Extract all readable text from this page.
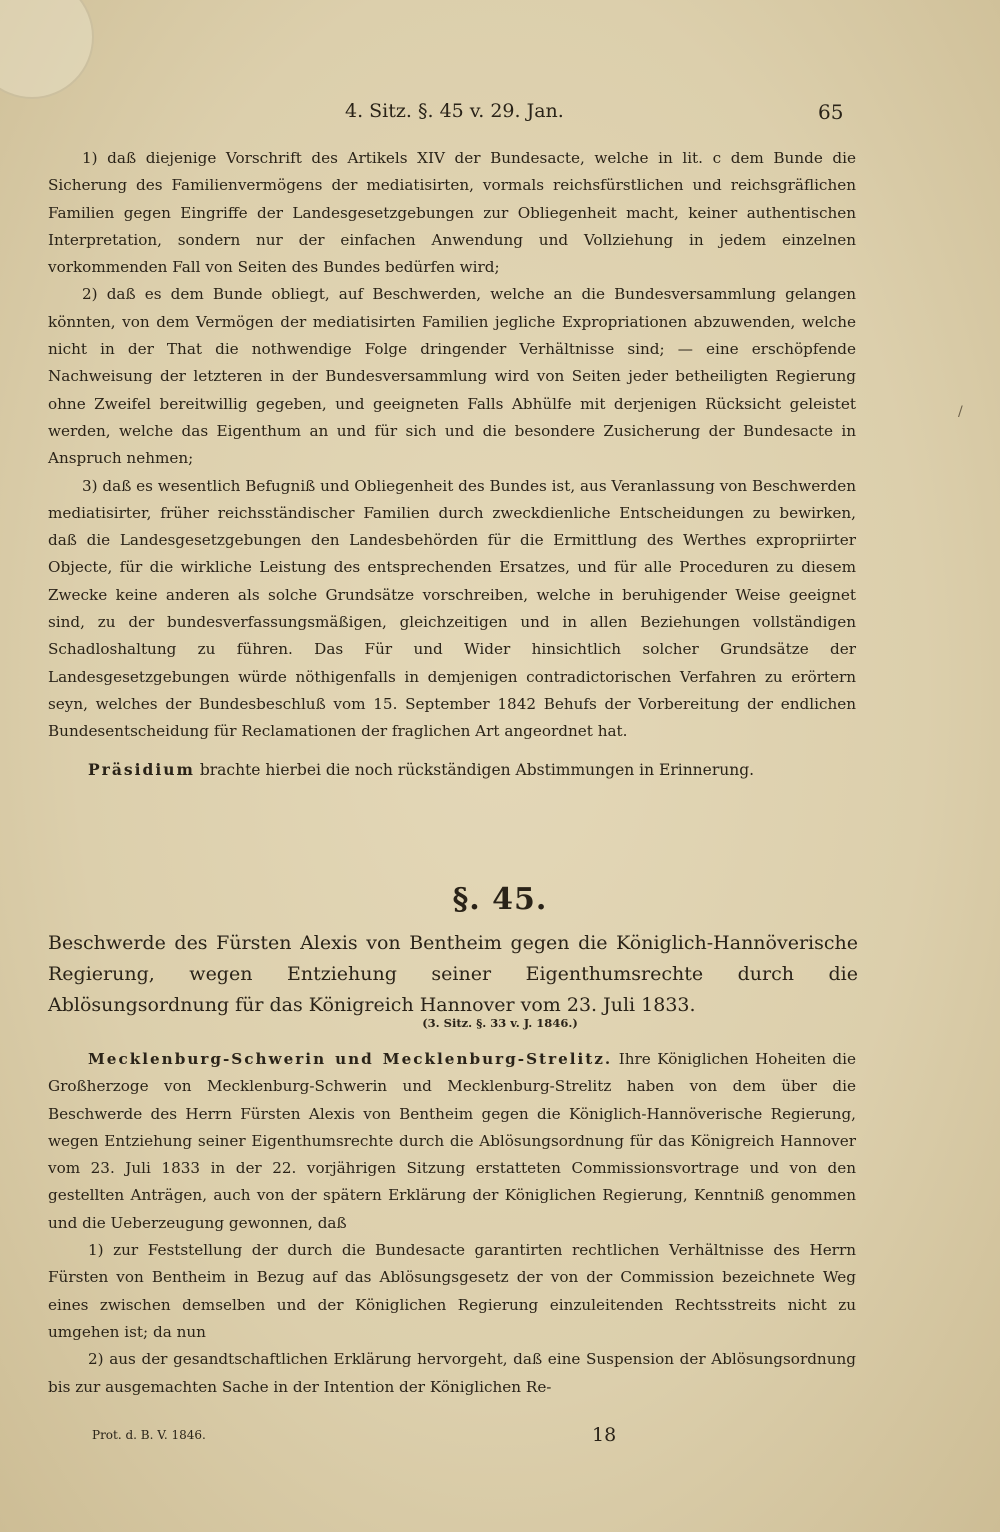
4. Sitz. §. 45 v. 29. Jan.	65

1) daß diejenige Vorschrift des Artikels XIV der Bundesacte, welche in lit. c dem Bunde die Sicherung des Familienvermögens der mediatisirten, vormals reichsfürstlichen und reichsgräflichen Familien gegen Eingriffe der Landesgesetzgebungen zur Obliegenheit macht, keiner authentischen Interpretation, sondern nur der einfachen Anwendung und Vollziehung in jedem einzelnen vorkommenden Fall von Seiten des Bundes bedürfen wird;

2) daß es dem Bunde obliegt, auf Beschwerden, welche an die Bundesversammlung gelangen könnten, von dem Vermögen der mediatisirten Familien jegliche Expropriationen abzuwenden, welche nicht in der That die nothwendige Folge dringender Verhältnisse sind; — eine erschöpfende Nachweisung der letzteren in der Bundesversammlung wird von Seiten jeder betheiligten Regierung ohne Zweifel bereitwillig gegeben, und geeigneten Falls Abhülfe mit derjenigen Rücksicht geleistet werden, welche das Eigenthum an und für sich und die besondere Zusicherung der Bundesacte in Anspruch nehmen;

3) daß es wesentlich Befugniß und Obliegenheit des Bundes ist, aus Veranlassung von Beschwerden mediatisirter, früher reichsständischer Familien durch zweckdienliche Entscheidungen zu bewirken, daß die Landesgesetzgebungen den Landesbehörden für die Ermittlung des Werthes expropriirter Objecte, für die wirkliche Leistung des entsprechenden Ersatzes, und für alle Proceduren zu diesem Zwecke keine anderen als solche Grundsätze vorschreiben, welche in beruhigender Weise geeignet sind, zu der bundesverfassungsmäßigen, gleichzeitigen und in allen Beziehungen vollständigen Schadloshaltung zu führen. Das Für und Wider hinsichtlich solcher Grundsätze der Landesgesetzgebungen würde nöthigenfalls in demjenigen contradictorischen Verfahren zu erörtern seyn, welches der Bundesbeschluß vom 15. September 1842 Behufs der Vorbereitung der endlichen Bundesentscheidung für Reclamationen der fraglichen Art angeordnet hat.

Präsidium brachte hierbei die noch rückständigen Abstimmungen in Erinnerung.

/
§. 45.

Beschwerde des Fürsten Alexis von Bentheim gegen die Königlich-Hannöverische Regierung, wegen Entziehung seiner Eigenthumsrechte durch die Ablösungsordnung für das Königreich Hannover vom 23. Juli 1833.

(3. Sitz. §. 33 v. J. 1846.)

Mecklenburg-Schwerin und Mecklenburg-Strelitz. Ihre Königlichen Hoheiten die Großherzoge von Mecklenburg-Schwerin und Mecklenburg-Strelitz haben von dem über die Beschwerde des Herrn Fürsten Alexis von Bentheim gegen die Königlich-Hannöverische Regierung, wegen Entziehung seiner Eigenthumsrechte durch die Ablösungsordnung für das Königreich Hannover vom 23. Juli 1833 in der 22. vorjährigen Sitzung erstatteten Commissionsvortrage und von den gestellten Anträgen, auch von der spätern Erklärung der Königlichen Regierung, Kenntniß genommen und die Ueberzeugung gewonnen, daß

1) zur Feststellung der durch die Bundesacte garantirten rechtlichen Verhältnisse des Herrn Fürsten von Bentheim in Bezug auf das Ablösungsgesetz der von der Commission bezeichnete Weg eines zwischen demselben und der Königlichen Regierung einzuleitenden Rechtsstreits nicht zu umgehen ist; da nun

2) aus der gesandtschaftlichen Erklärung hervorgeht, daß eine Suspension der Ablösungsordnung bis zur ausgemachten Sache in der Intention der Königlichen Re-

Prot. d. B. V. 1846.	18
